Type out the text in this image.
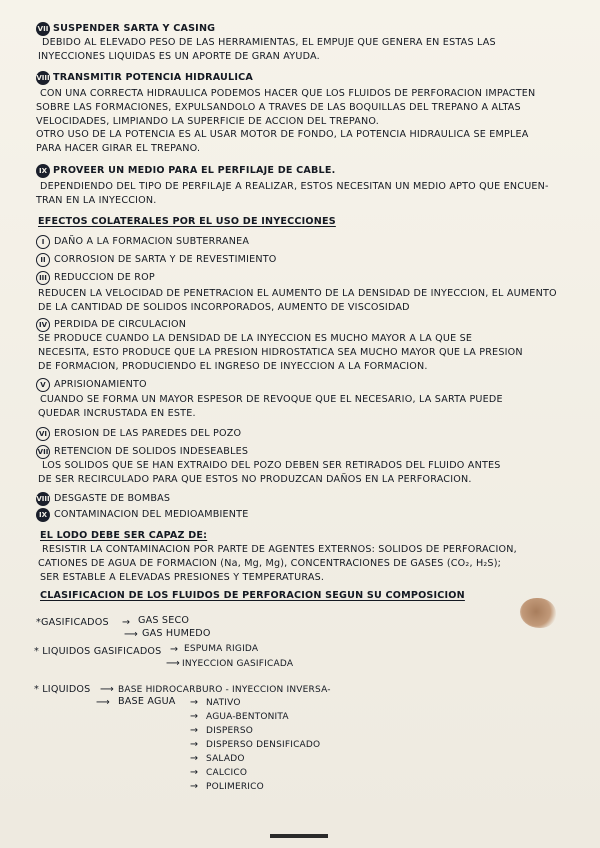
VII SUSPENDER SARTA Y CASING
DEBIDO AL ELEVADO PESO DE LAS HERRAMIENTAS, EL EMPUJE QUE GENERA EN ESTAS LAS
INYECCIONES LIQUIDAS ES UN APORTE DE GRAN AYUDA.
VIII TRANSMITIR POTENCIA HIDRAULICA
CON UNA CORRECTA HIDRAULICA PODEMOS HACER QUE LOS FLUIDOS DE PERFORACION IMPACTEN
SOBRE LAS FORMACIONES, EXPULSANDOLO A TRAVES DE LAS BOQUILLAS DEL TREPANO A ALTAS
VELOCIDADES, LIMPIANDO LA SUPERFICIE DE ACCION DEL TREPANO.
OTRO USO DE LA POTENCIA ES AL USAR MOTOR DE FONDO, LA POTENCIA HIDRAULICA SE EMPLEA
PARA HACER GIRAR EL TREPANO.
IX PROVEER UN MEDIO PARA EL PERFILAJE DE CABLE.
DEPENDIENDO DEL TIPO DE PERFILAJE A REALIZAR, ESTOS NECESITAN UN MEDIO APTO QUE ENCUEN-
TRAN EN LA INYECCION.
EFECTOS COLATERALES POR EL USO DE INYECCIONES
I	DAÑO A LA FORMACION SUBTERRANEA
II CORROSION DE SARTA Y DE REVESTIMIENTO
III REDUCCION DE ROP
REDUCEN LA VELOCIDAD DE PENETRACION EL AUMENTO DE LA DENSIDAD DE INYECCION, EL AUMENTO
DE LA CANTIDAD DE SOLIDOS INCORPORADOS, AUMENTO DE VISCOSIDAD
IV PERDIDA DE CIRCULACION
SE PRODUCE CUANDO LA DENSIDAD DE LA INYECCION ES MUCHO MAYOR A LA QUE SE
NECESITA, ESTO PRODUCE QUE LA PRESION HIDROSTATICA SEA MUCHO MAYOR QUE LA PRESION
DE FORMACION, PRODUCIENDO EL INGRESO DE INYECCION A LA FORMACION.
V APRISIONAMIENTO
CUANDO SE FORMA UN MAYOR ESPESOR DE REVOQUE QUE EL NECESARIO, LA SARTA PUEDE
QUEDAR INCRUSTADA EN ESTE.
VI EROSION DE LAS PAREDES DEL POZO
VII RETENCION DE SOLIDOS INDESEABLES
LOS SOLIDOS QUE SE HAN EXTRAIDO DEL POZO DEBEN SER RETIRADOS DEL FLUIDO ANTES
DE SER RECIRCULADO PARA QUE ESTOS NO PRODUZCAN DAÑOS EN LA PERFORACION.
VIII DESGASTE DE BOMBAS
IX CONTAMINACION DEL MEDIOAMBIENTE
EL LODO DEBE SER CAPAZ DE:
RESISTIR LA CONTAMINACION POR PARTE DE AGENTES EXTERNOS: SOLIDOS DE PERFORACION,
CATIONES DE AGUA DE FORMACION (Na, Mg, Mg), CONCENTRACIONES DE GASES (CO₂, H₂S);
SER ESTABLE A ELEVADAS PRESIONES Y TEMPERATURAS.
CLASIFICACION DE LOS FLUIDOS DE PERFORACION SEGUN SU COMPOSICION
*GASIFICADOS → GAS SECO
⟶ GAS HUMEDO
* LIQUIDOS GASIFICADOS → ESPUMA RIGIDA
⟶ INYECCION GASIFICADA
* LIQUIDOS ⟶ BASE HIDROCARBURO - INYECCION INVERSA-
⟶ BASE AGUA → NATIVO
→ AGUA-BENTONITA
→ DISPERSO
→ DISPERSO DENSIFICADO
→ SALADO
→ CALCICO
→ POLIMERICO
